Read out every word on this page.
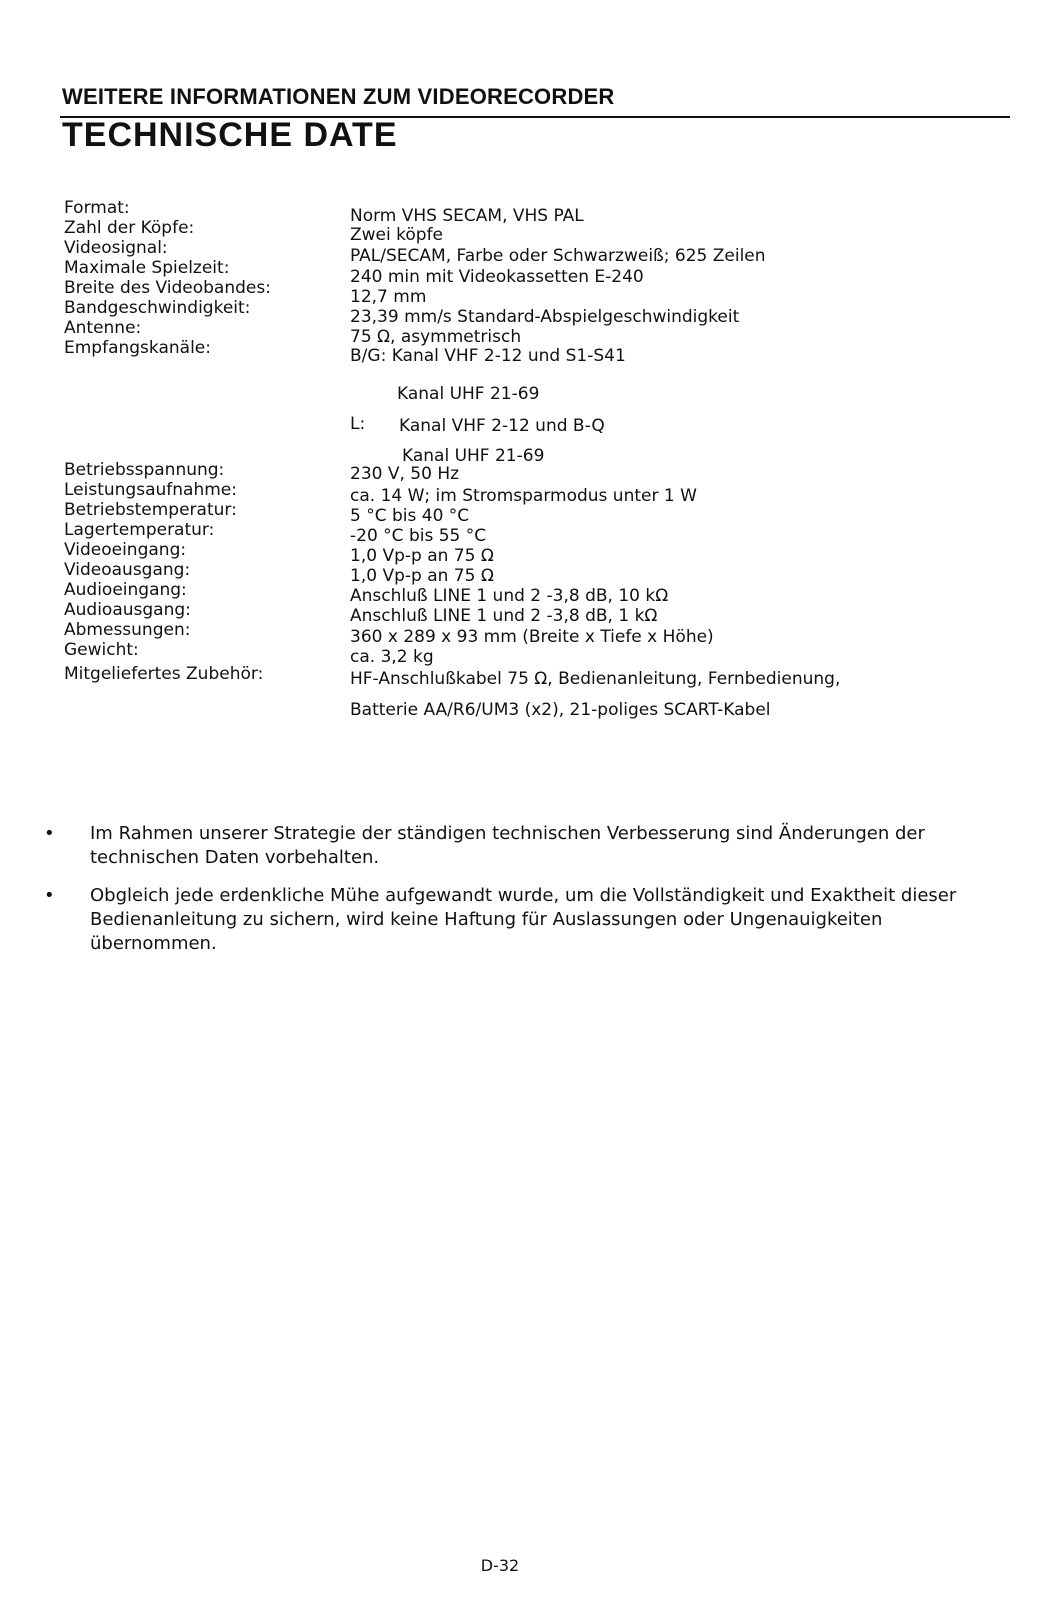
WEITERE INFORMATIONEN ZUM VIDEORECORDER
TECHNISCHE DATE
Format:	Norm VHS SECAM, VHS PAL
Zahl der Köpfe:	Zwei köpfe
Videosignal:	PAL/SECAM, Farbe oder Schwarzweiß; 625 Zeilen
Maximale Spielzeit:	240 min mit Videokassetten E-240
Breite des Videobandes:	12,7 mm
Bandgeschwindigkeit:	23,39 mm/s Standard-Abspielgeschwindigkeit
Antenne:	75 Ω, asymmetrisch
Empfangskanäle:	B/G: Kanal VHF 2-12 und S1-S41
Kanal UHF 21-69
L: Kanal VHF 2-12 und B-Q
Kanal UHF 21-69
Betriebsspannung:	230 V, 50 Hz
Leistungsaufnahme:	ca. 14 W; im Stromsparmodus unter 1 W
Betriebstemperatur:	5 °C bis 40 °C
Lagertemperatur:	-20 °C bis 55 °C
Videoeingang:	1,0 Vp-p an 75 Ω
Videoausgang:	1,0 Vp-p an 75 Ω
Audioeingang:	Anschluß LINE 1 und 2 -3,8 dB, 10 kΩ
Audioausgang:	Anschluß LINE 1 und 2 -3,8 dB, 1 kΩ
Abmessungen:	360 x 289 x 93 mm (Breite x Tiefe x Höhe)
Gewicht:	ca. 3,2 kg
Mitgeliefertes Zubehör:	HF-Anschlußkabel 75 Ω, Bedienanleitung, Fernbedienung,
Batterie AA/R6/UM3 (x2), 21-poliges SCART-Kabel
• Im Rahmen unserer Strategie der ständigen technischen Verbesserung sind Änderungen der technischen Daten vorbehalten.
• Obgleich jede erdenkliche Mühe aufgewandt wurde, um die Vollständigkeit und Exaktheit dieser Bedienanleitung zu sichern, wird keine Haftung für Auslassungen oder Ungenauigkeiten übernommen.
D-32
